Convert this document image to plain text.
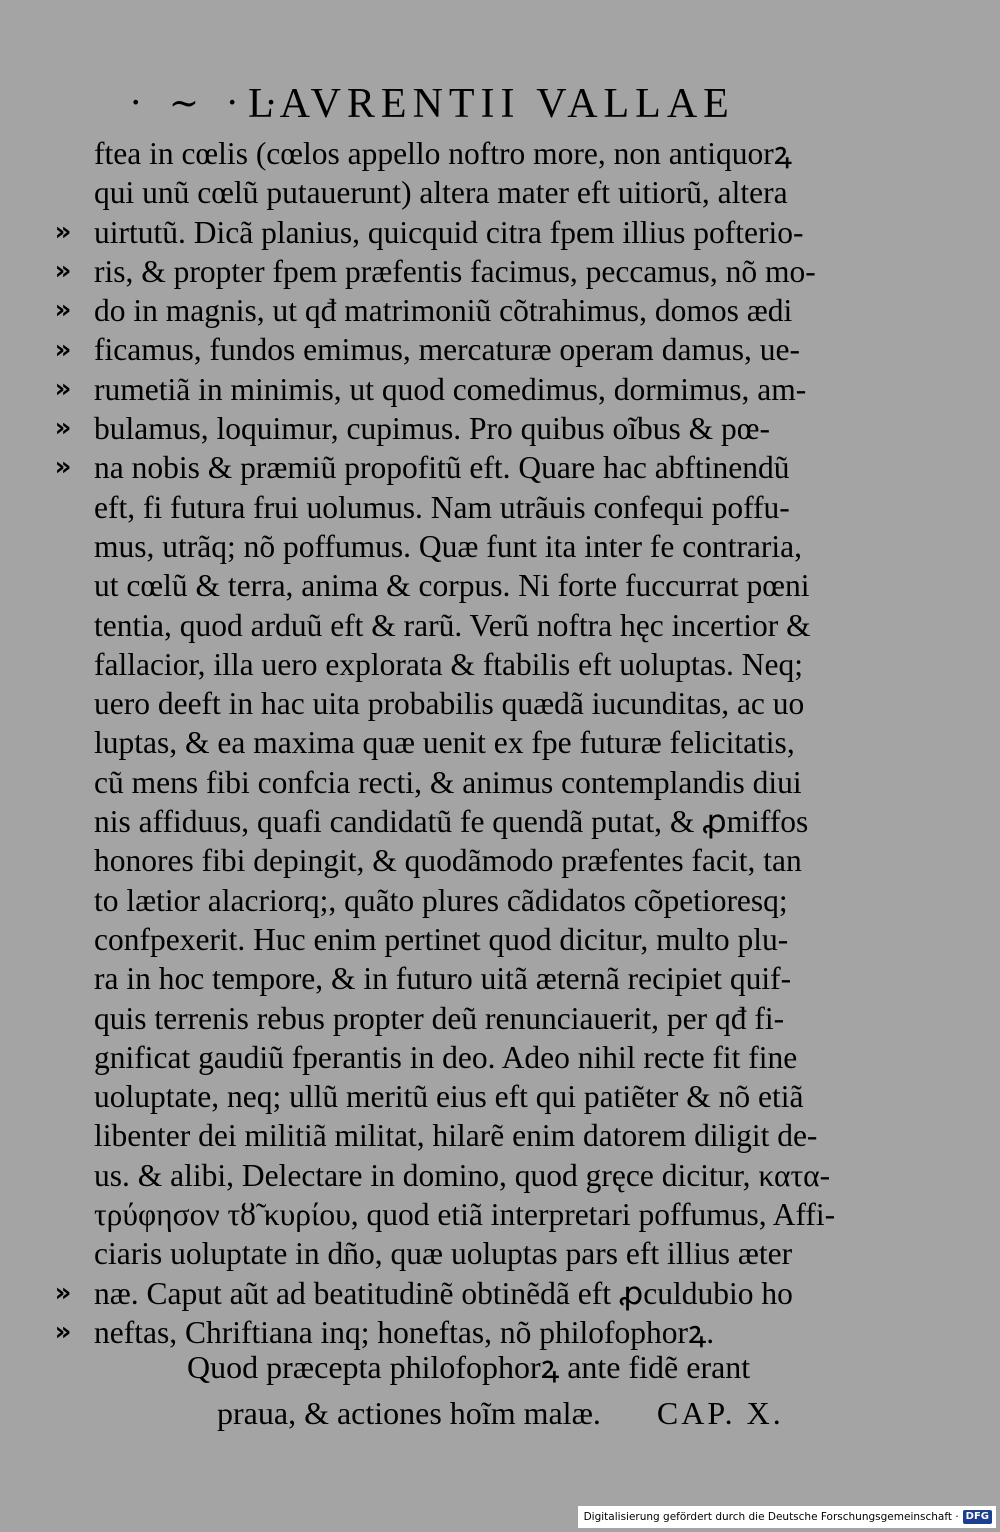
· ~ · ·
LAVRENTII VALLAE
ftea in cœlis (cœlos appello noftro more, non antiquorꝝ
qui unũ cœlũ putauerunt) altera mater eft uitiorũ, altera
uirtutũ. Dicã planius, quicquid citra fpem illius pofterio-
ris, & propter fpem præfentis facimus, peccamus, nõ mo-
do in magnis, ut qđ matrimoniũ cõtrahimus, domos ædi
ficamus, fundos emimus, mercaturæ operam damus, ue-
rumetiã in minimis, ut quod comedimus, dormimus, am-
bulamus, loquimur, cupimus. Pro quibus oĩbus & pœ-
na nobis & præmiũ propofitũ eft. Quare hac abftinendũ
eft, fi futura frui uolumus. Nam utrãuis confequi poffu-
mus, utrãq; nõ poffumus. Quæ funt ita inter fe contraria,
ut cœlũ & terra, anima & corpus. Ni forte fuccurrat pœni
tentia, quod arduũ eft & rarũ. Verũ noftra hęc incertior &
fallacior, illa uero explorata & ftabilis eft uoluptas. Neq;
uero deeft in hac uita probabilis quædã iucunditas, ac uo
luptas, & ea maxima quæ uenit ex fpe futuræ felicitatis,
cũ mens fibi confcia recti, & animus contemplandis diui
nis affiduus, quafi candidatũ fe quendã putat, & ꝓmiffos
honores fibi depingit, & quodãmodo præfentes facit, tan
to lætior alacriorq;, quãto plures cãdidatos cõpetioresq;
confpexerit. Huc enim pertinet quod dicitur, multo plu-
ra in hoc tempore, & in futuro uitã æternã recipiet quif-
quis terrenis rebus propter deũ renunciauerit, per qđ fi-
gnificat gaudiũ fperantis in deo. Adeo nihil recte fit fine
uoluptate, neq; ullũ meritũ eius eft qui patiẽter & nõ etiã
libenter dei militiã militat, hilarẽ enim datorem diligit de-
us. & alibi, Delectare in domino, quod gręce dicitur, κατα-
τρύφησον τȣ̃ κυρίου, quod etiã interpretari poffumus, Affi-
ciaris uoluptate in dño, quæ uoluptas pars eft illius æter
næ. Caput aũt ad beatitudinẽ obtinẽdã eft ꝓculdubio ho
neftas, Chriftiana inq; honeftas, nõ philofophorꝝ.
»
»
»
»
»
»
»
»
»
Quod præcepta philofophorꝝ ante fidẽ erant
praua, & actiones hoĩm malæ. CAP. X.
Digitalisierung gefördert durch die Deutsche Forschungsgemeinschaft · DFG
